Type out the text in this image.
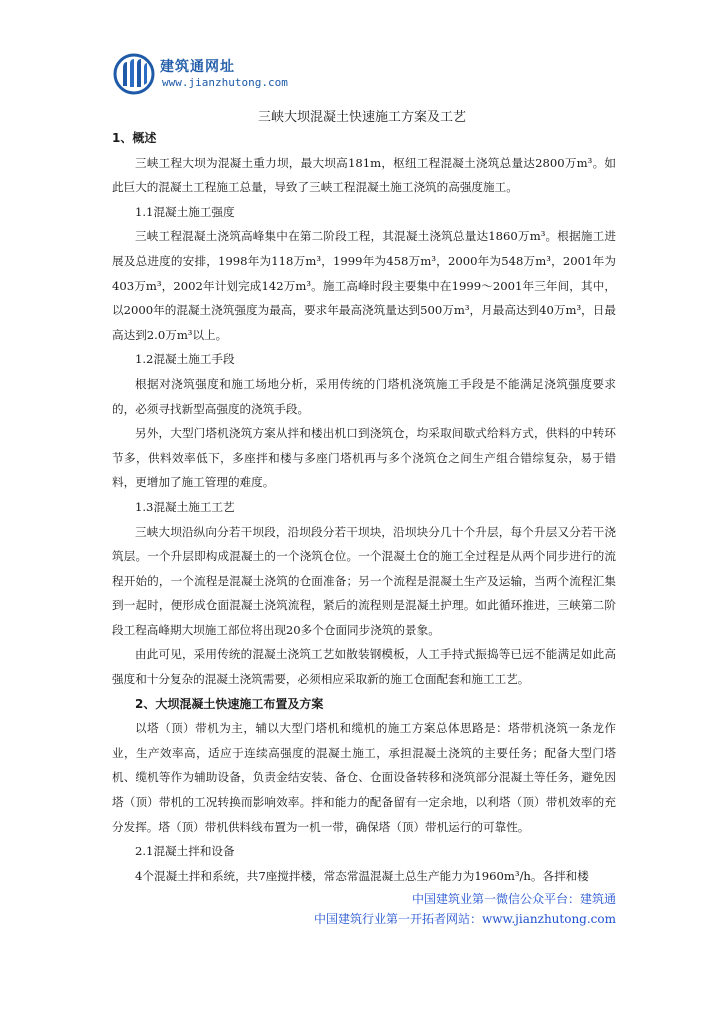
建筑通网址
www.jianzhutong.com
三峡大坝混凝土快速施工方案及工艺

1、概述

三峡工程大坝为混凝土重力坝，最大坝高181m，枢纽工程混凝土浇筑总量达2800万m³。如此巨大的混凝土工程施工总量，导致了三峡工程混凝土施工浇筑的高强度施工。

1.1混凝土施工强度

三峡工程混凝土浇筑高峰集中在第二阶段工程，其混凝土浇筑总量达1860万m³。根据施工进展及总进度的安排，1998年为118万m³，1999年为458万m³，2000年为548万m³，2001年为403万m³，2002年计划完成142万m³。施工高峰时段主要集中在1999～2001年三年间，其中，以2000年的混凝土浇筑强度为最高，要求年最高浇筑量达到500万m³，月最高达到40万m³，日最高达到2.0万m³以上。

1.2混凝土施工手段

根据对浇筑强度和施工场地分析，采用传统的门塔机浇筑施工手段是不能满足浇筑强度要求的，必须寻找新型高强度的浇筑手段。

另外，大型门塔机浇筑方案从拌和楼出机口到浇筑仓，均采取间歇式给料方式，供料的中转环节多，供料效率低下，多座拌和楼与多座门塔机再与多个浇筑仓之间生产组合错综复杂，易于错料，更增加了施工管理的难度。

1.3混凝土施工工艺

三峡大坝沿纵向分若干坝段，沿坝段分若干坝块，沿坝块分几十个升层，每个升层又分若干浇筑层。一个升层即构成混凝土的一个浇筑仓位。一个混凝土仓的施工全过程是从两个同步进行的流程开始的，一个流程是混凝土浇筑的仓面准备；另一个流程是混凝土生产及运输，当两个流程汇集到一起时，便形成仓面混凝土浇筑流程，紧后的流程则是混凝土护理。如此循环推进，三峡第二阶段工程高峰期大坝施工部位将出现20多个仓面同步浇筑的景象。

由此可见，采用传统的混凝土浇筑工艺如散装钢模板，人工手持式振捣等已远不能满足如此高强度和十分复杂的混凝土浇筑需要，必须相应采取新的施工仓面配套和施工工艺。

2、大坝混凝土快速施工布置及方案

以塔（顶）带机为主，辅以大型门塔机和缆机的施工方案总体思路是：塔带机浇筑一条龙作业，生产效率高，适应于连续高强度的混凝土施工，承担混凝土浇筑的主要任务；配备大型门塔机、缆机等作为辅助设备，负责金结安装、备仓、仓面设备转移和浇筑部分混凝土等任务，避免因塔（顶）带机的工况转换而影响效率。拌和能力的配备留有一定余地，以利塔（顶）带机效率的充分发挥。塔（顶）带机供料线布置为一机一带，确保塔（顶）带机运行的可靠性。

2.1混凝土拌和设备

4个混凝土拌和系统，共7座搅拌楼，常态常温混凝土总生产能力为1960m³/h。各拌和楼

中国建筑业第一微信公众平台：建筑通
中国建筑行业第一开拓者网站：www.jianzhutong.com
